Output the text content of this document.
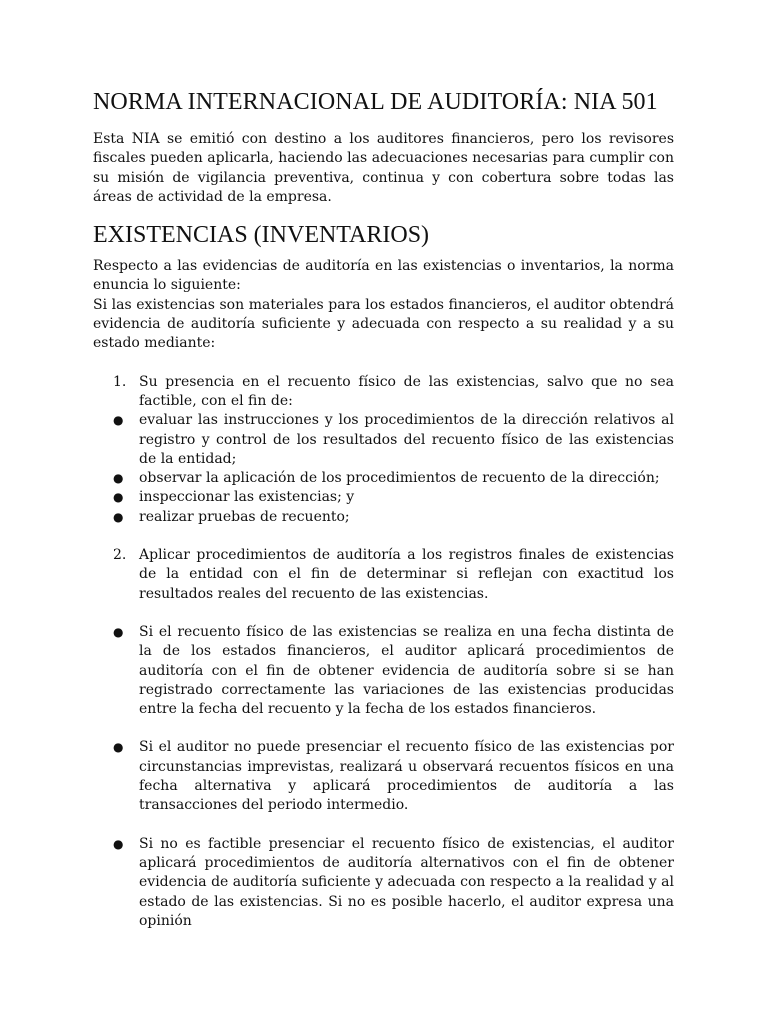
NORMA INTERNACIONAL DE AUDITORÍA: NIA 501

Esta NIA se emitió con destino a los auditores financieros, pero los revisores fiscales pueden aplicarla, haciendo las adecuaciones necesarias para cumplir con su misión de vigilancia preventiva, continua y con cobertura sobre todas las áreas de actividad de la empresa.

EXISTENCIAS (INVENTARIOS)

Respecto a las evidencias de auditoría en las existencias o inventarios, la norma enuncia lo siguiente:

Si las existencias son materiales para los estados financieros, el auditor obtendrá evidencia de auditoría suficiente y adecuada con respecto a su realidad y a su estado mediante:

1. Su presencia en el recuento físico de las existencias, salvo que no sea factible, con el fin de:
● evaluar las instrucciones y los procedimientos de la dirección relativos al registro y control de los resultados del recuento físico de las existencias de la entidad;
● observar la aplicación de los procedimientos de recuento de la dirección;
● inspeccionar las existencias; y
● realizar pruebas de recuento;
2. Aplicar procedimientos de auditoría a los registros finales de existencias de la entidad con el fin de determinar si reflejan con exactitud los resultados reales del recuento de las existencias.
● Si el recuento físico de las existencias se realiza en una fecha distinta de la de los estados financieros, el auditor aplicará procedimientos de auditoría con el fin de obtener evidencia de auditoría sobre si se han registrado correctamente las variaciones de las existencias producidas entre la fecha del recuento y la fecha de los estados financieros.
● Si el auditor no puede presenciar el recuento físico de las existencias por circunstancias imprevistas, realizará u observará recuentos físicos en una fecha alternativa y aplicará procedimientos de auditoría a las transacciones del periodo intermedio.
● Si no es factible presenciar el recuento físico de existencias, el auditor aplicará procedimientos de auditoría alternativos con el fin de obtener evidencia de auditoría suficiente y adecuada con respecto a la realidad y al estado de las existencias. Si no es posible hacerlo, el auditor expresa una opinión
